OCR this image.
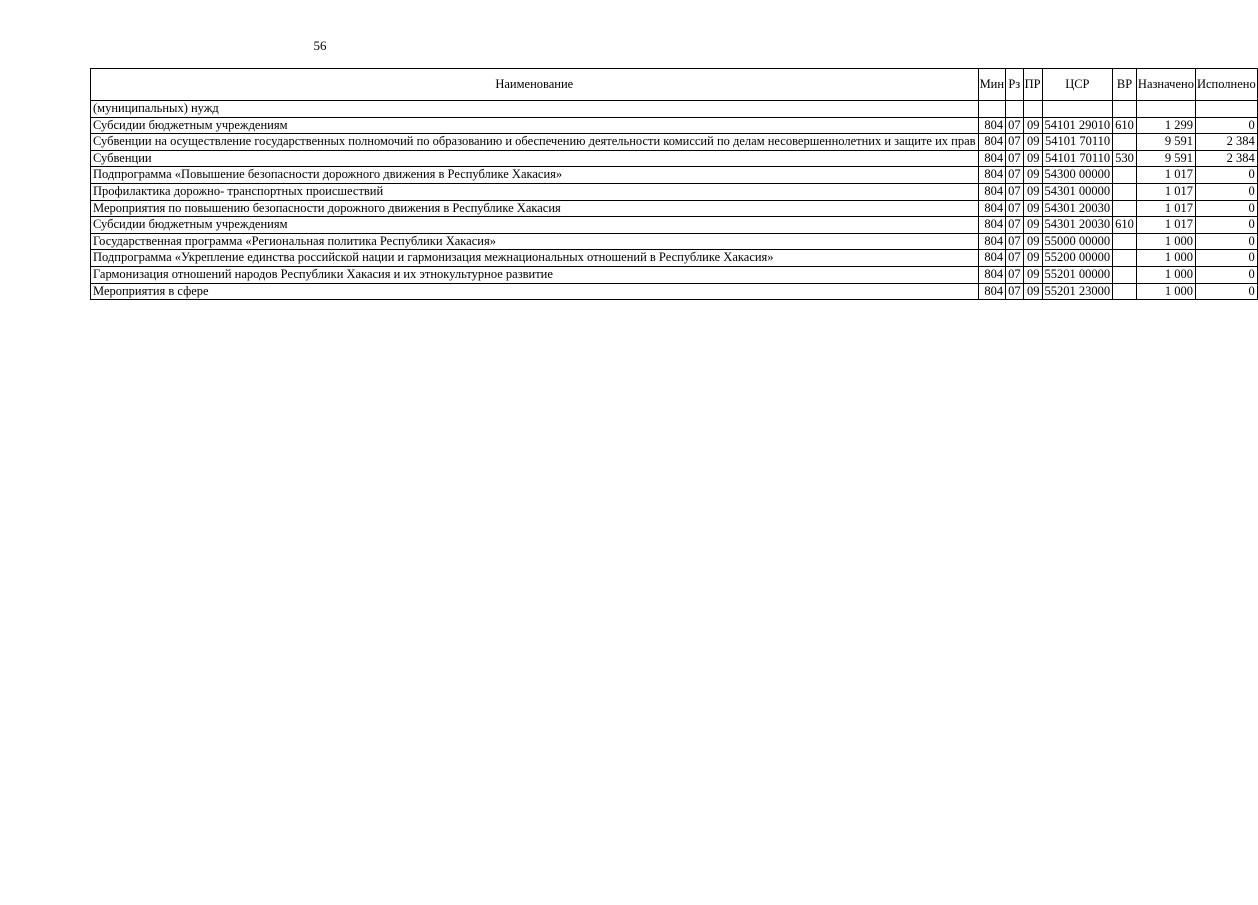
56
Наименование	Мин	Рз	ПР	ЦСР	ВР	Назначено	Исполнено
(муниципальных) нужд							
Субсидии бюджетным учреждениям	804	07	09	54101 29010	610	1 299	0
Субвенции на осуществление государственных полномочий по образованию и обеспечению деятельности комиссий по делам несовершеннолетних и защите их прав	804	07	09	54101 70110		9 591	2 384
Субвенции	804	07	09	54101 70110	530	9 591	2 384
Подпрограмма «Повышение безопасности дорожного движения в Республике Хакасия»	804	07	09	54300 00000		1 017	0
Профилактика дорожно- транспортных происшествий	804	07	09	54301 00000		1 017	0
Мероприятия по повышению безопасности дорожного движения в Республике Хакасия	804	07	09	54301 20030		1 017	0
Субсидии бюджетным учреждениям	804	07	09	54301 20030	610	1 017	0
Государственная программа «Региональная политика Республики Хакасия»	804	07	09	55000 00000		1 000	0
Подпрограмма «Укрепление единства российской нации и гармонизация межнациональных отношений в Республике Хакасия»	804	07	09	55200 00000		1 000	0
Гармонизация отношений народов Республики Хакасия и их этнокультурное развитие	804	07	09	55201 00000		1 000	0
Мероприятия в сфере	804	07	09	55201 23000		1 000	0
